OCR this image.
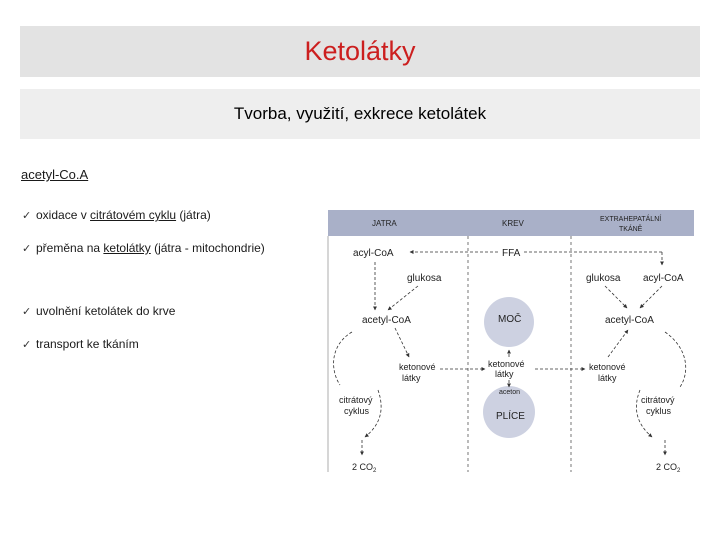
Ketolátky
Tvorba, využití, exkrece ketolátek
acetyl-Co.A
✓ oxidace v citrátovém cyklu (játra)
✓ přeměna na ketolátky (játra - mitochondrie)
✓ uvolnění ketolátek do krve
✓ transport ke tkáním
JATRA	KREV	EXTRAHEPATÁLNÍ
TKÁNĚ
acyl-CoA	FFA
glukosa	glukosa acyl-CoA
acetyl-CoA	acetyl-CoA
MOČ
PLÍCE
aceton
ketonové
látky
ketonové
látky
ketonové
látky
citrátový
cyklus
2 $CO_2$
citrátový
cyklus
2 $CO_2$
